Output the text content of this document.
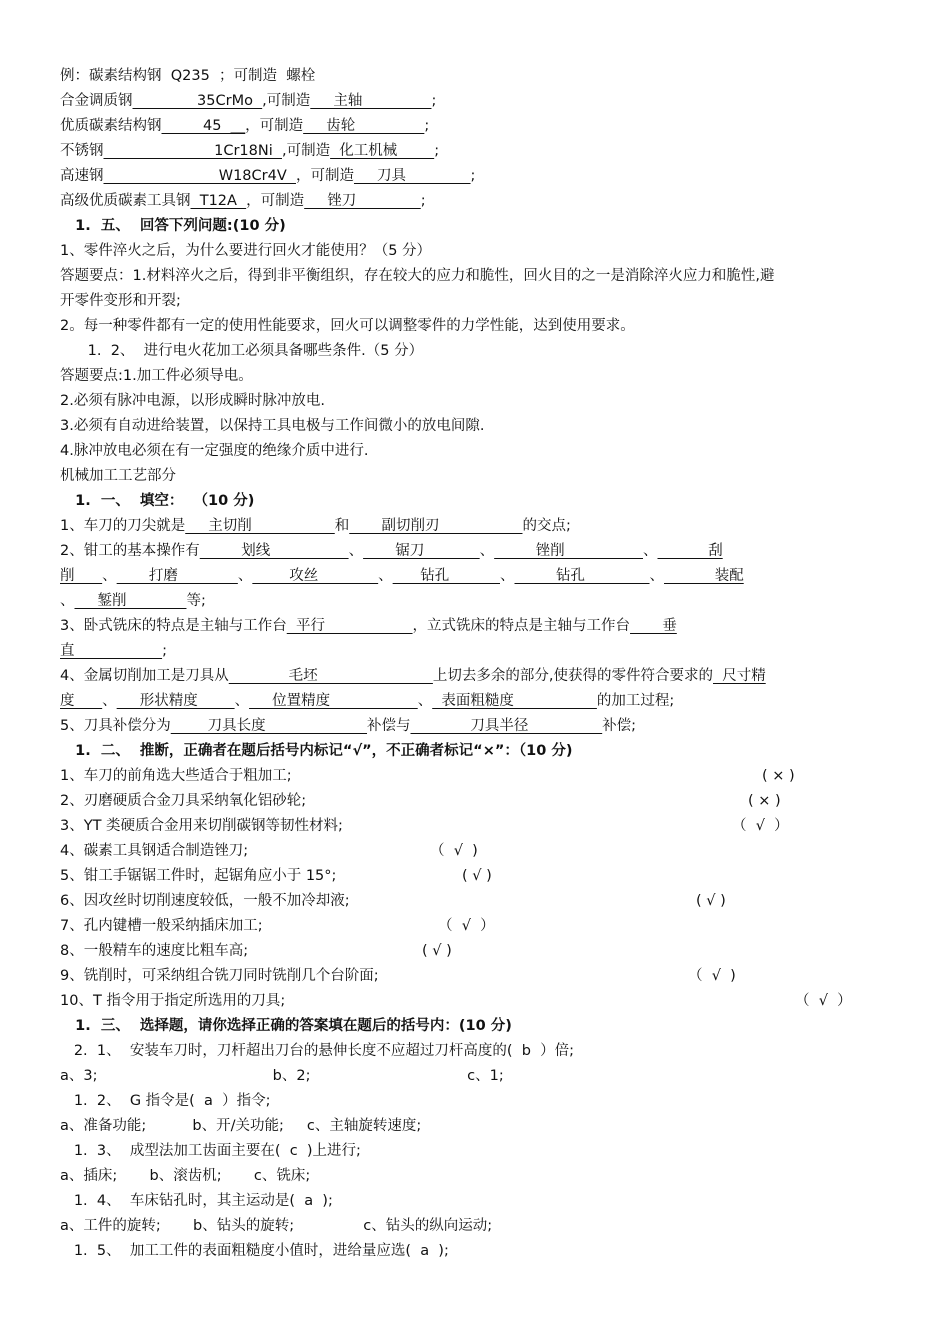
例：碳素结构钢  Q235  ；可制造  螺栓
合金调质钢              35CrMo  ,可制造     主轴               ;
优质碳素结构钢         45  __，可制造     齿轮               ;
不锈钢                        1Cr18Ni  ,可制造  化工机械        ;
高速钢                         W18Cr4V  ，可制造     刀具              ;
高级优质碳素工具钢  T12A  ，可制造     锉刀              ;
1.  五、  回答下列问题:(10 分)
1、零件淬火之后，为什么要进行回火才能使用？（5 分）
答题要点：1.材料淬火之后，得到非平衡组织，存在较大的应力和脆性，回火目的之一是消除淬火应力和脆性,避
开零件变形和开裂;
2。每一种零件都有一定的使用性能要求，回火可以调整零件的力学性能，达到使用要求。
1.  2、  进行电火花加工必须具备哪些条件.（5 分）
答题要点:1.加工件必须导电。
2.必须有脉冲电源，以形成瞬时脉冲放电.
3.必须有自动进给装置，以保持工具电极与工作间微小的放电间隙.
4.脉冲放电必须在有一定强度的绝缘介质中进行.
机械加工工艺部分
1.  一、  填空：  （10 分)
1、车刀的刀尖就是     主切削                  和       副切削刃                  的交点;
2、钳工的基本操作有         划线                 、       锯刀            、         锉削                 、           刮
削      、       打磨             、        攻丝             、      钻孔           、         钻孔              、           装配
、     錾削             等;
3、卧式铣床的特点是主轴与工作台  平行                   ，立式铣床的特点是主轴与工作台       垂
直                   ;
4、金属切削加工是刀具从             毛坯                         上切去多余的部分,使获得的零件符合要求的  尺寸精
度      、     形状精度        、     位置精度                   、  表面粗糙度                  的加工过程;
5、刀具补偿分为        刀具长度                      补偿与             刀具半径                补偿;
1.  二、  推断，正确者在题后括号内标记“√”，不正确者标记“×”：（10 分)
1、车刀的前角选大些适合于粗加工;
2、刃磨硬质合金刀具采纳氧化铝砂轮;
3、YT 类硬质合金用来切削碳钢等韧性材料;
4、碳素工具钢适合制造锉刀;
5、钳工手锯锯工件时，起锯角应小于 15°;
6、因攻丝时切削速度较低，一般不加冷却液;
7、孔内键槽一般采纳插床加工;
8、一般精车的速度比粗车高;
9、铣削时，可采纳组合铣刀同时铣削几个台阶面;
10、T 指令用于指定所选用的刀具;
1.  三、  选择题，请你选择正确的答案填在题后的括号内：(10 分)
2.  1、  安装车刀时，刀杆超出刀台的悬伸长度不应超过刀杆高度的(  b  ）倍;
a、3;                                      b、2;                                  c、1;
1.  2、  G 指令是(  a  ）指令;
a、准备功能;          b、开/关功能;     c、主轴旋转速度;
1.  3、  成型法加工齿面主要在(  c  )上进行;
a、插床;       b、滚齿机;       c、铣床;
1.  4、  车床钻孔时，其主运动是(  a  );
a、工件的旋转;       b、钻头的旋转;               c、钻头的纵向运动;
1.  5、  加工工件的表面粗糙度小值时，进给量应选(  a  );
( × )
( × )
（  √  ）
（  √  )
( √ )
( √ )
（  √  ）
( √ )
（  √  )
（  √  ）
